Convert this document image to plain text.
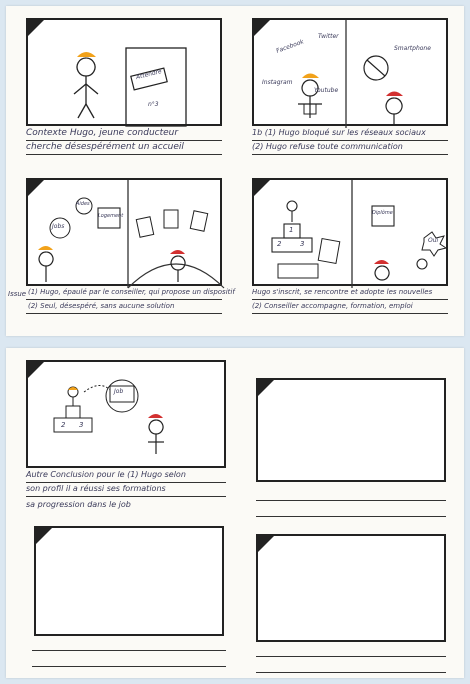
Attendre
n°3
Contexte Hugo, jeune conducteur
cherche désespérément un accueil
Facebook
Twitter
Instagram
Youtube
Smartphone
1b (1) Hugo bloqué sur les réseaux sociaux
(2) Hugo refuse toute communication
Jobs
Logement
Aides
Issue (1) Hugo, épaulé par le conseiller, qui propose un dispositif
(2) Seul, désespéré, sans aucune solution
1
2	3
Diplôme
Oui
Hugo s'inscrit, se rencontre et adopte les nouvelles
(2) Conseiller accompagne, formation, emploi
2 3
Job
Autre Conclusion pour le (1) Hugo selon
son profil il a réussi ses formations
sa progression dans le job
